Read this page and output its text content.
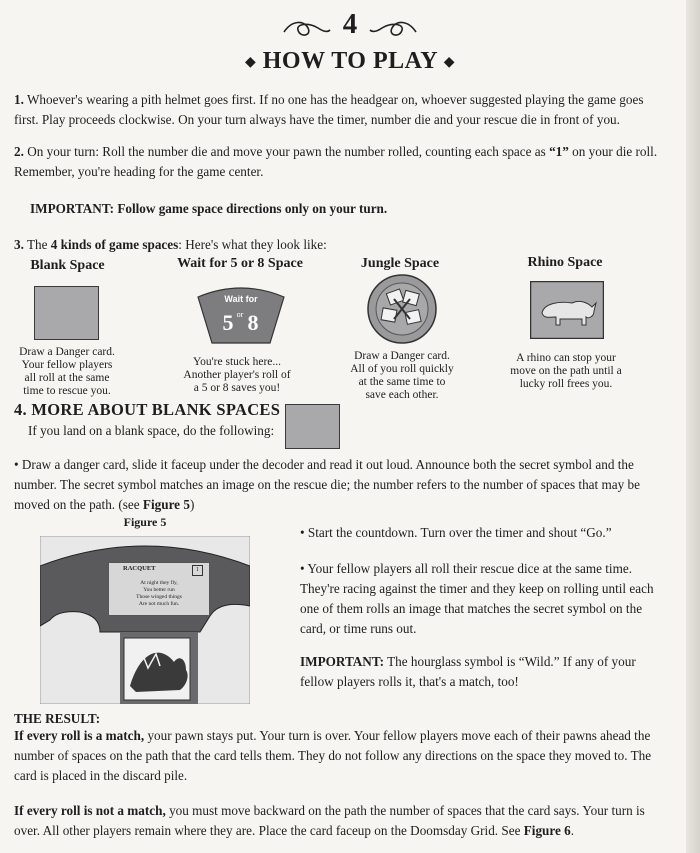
4
◆ HOW TO PLAY ◆

1. Whoever's wearing a pith helmet goes first. If no one has the headgear on, whoever suggested playing the game goes first. Play proceeds clockwise. On your turn always have the timer, number die and your rescue die in front of you.

2. On your turn: Roll the number die and move your pawn the number rolled, counting each space as “1” on your die roll. Remember, you're heading for the game center.

IMPORTANT: Follow game space directions only on your turn.

3. The 4 kinds of game spaces: Here's what they look like:

Blank Space	Wait for 5 or 8 Space	Jungle Space	Rhino Space
Wait for
5 or 8
Draw a Danger card.
Your fellow players
all roll at the same
time to rescue you.
You're stuck here...
Another player's roll of
a 5 or 8 saves you!
Draw a Danger card.
All of you roll quickly
at the same time to
save each other.
A rhino can stop your
move on the path until a
lucky roll frees you.
4. MORE ABOUT BLANK SPACES

If you land on a blank space, do the following:

• Draw a danger card, slide it faceup under the decoder and read it out loud. Announce both the secret symbol and the number. The secret symbol matches an image on the rescue die; the number refers to the number of spaces that may be moved on the path. (see Figure 5)

Figure 5
RACQUET	1
At night they fly,
You better run
Those winged things
Are not much fun.

• Start the countdown. Turn over the timer and shout “Go.”

• Your fellow players all roll their rescue dice at the same time. They're racing against the timer and they keep on rolling until each one of them rolls an image that matches the secret symbol on the card, or time runs out.

IMPORTANT: The hourglass symbol is “Wild.” If any of your fellow players rolls it, that's a match, too!

THE RESULT:

If every roll is a match, your pawn stays put. Your turn is over. Your fellow players move each of their pawns ahead the number of spaces on the path that the card tells them. They do not follow any directions on the space they moved to. The card is placed in the discard pile.

If every roll is not a match, you must move backward on the path the number of spaces that the card says. Your turn is over. All other players remain where they are. Place the card faceup on the Doomsday Grid. See Figure 6.
